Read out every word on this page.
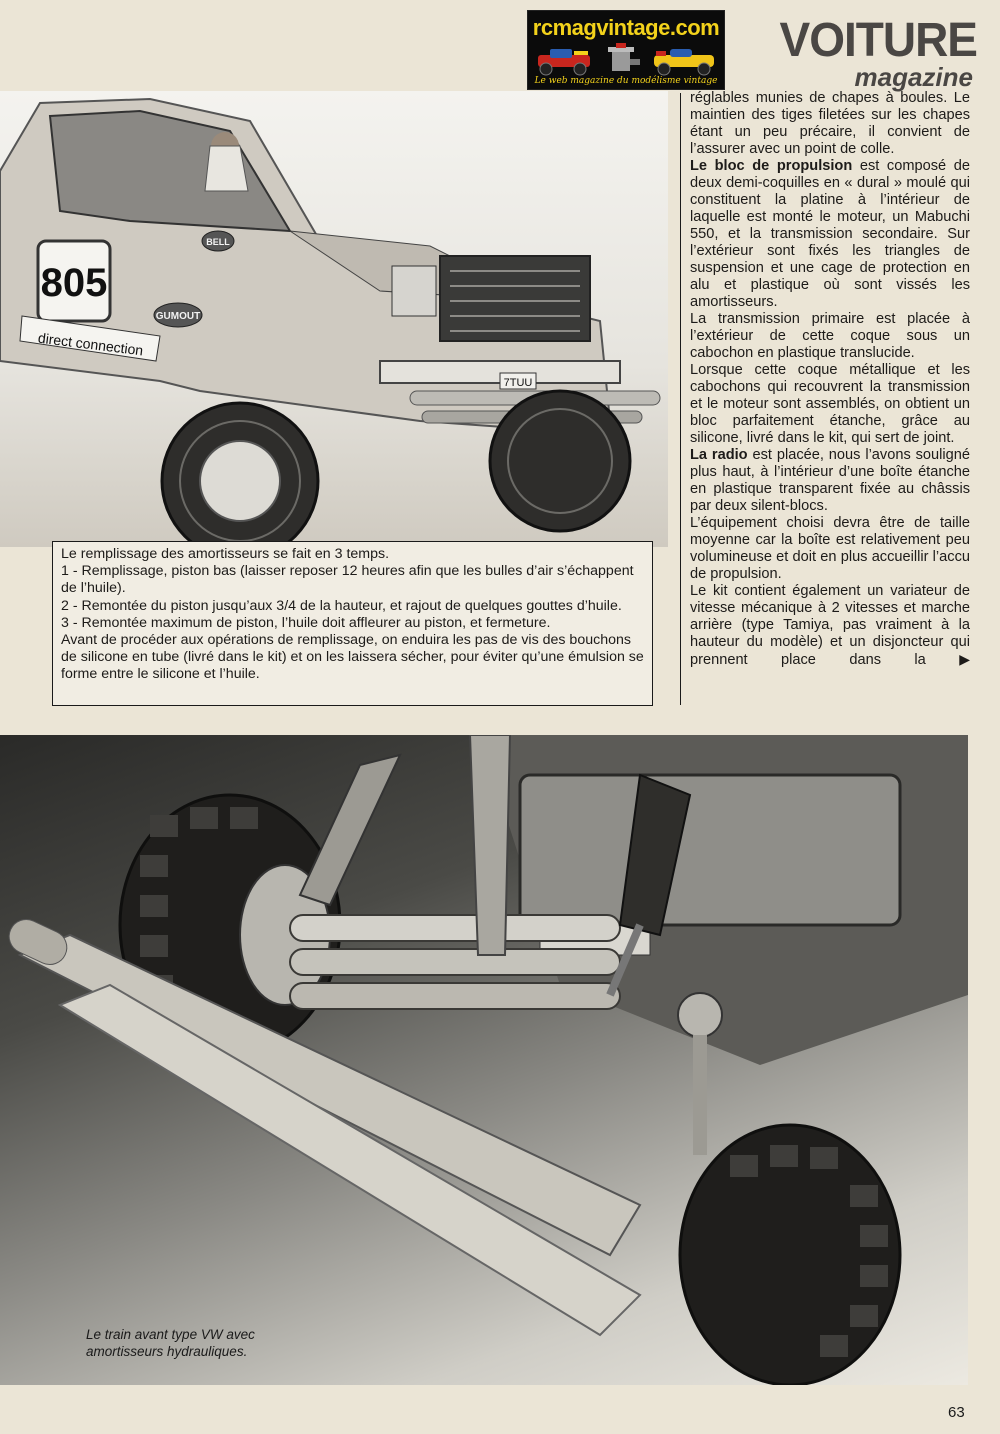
rcmagvintage.com
Le web magazine du modélisme vintage
VOITURE
magazine
805
direct connection
GUMOUT
BELL
7TUU

réglables munies de chapes à boules. Le maintien des tiges filetées sur les chapes étant un peu précaire, il convient de l’assurer avec un point de colle.

Le bloc de propulsion est composé de deux demi-coquilles en « dural » moulé qui constituent la platine à l’intérieur de laquelle est monté le moteur, un Mabuchi 550, et la transmission secondaire. Sur l’extérieur sont fixés les triangles de suspension et une cage de protection en alu et plastique où sont vissés les amortisseurs.

La transmission primaire est placée à l’extérieur de cette coque sous un cabochon en plastique translucide.

Lorsque cette coque métallique et les cabochons qui recouvrent la transmission et le moteur sont assemblés, on obtient un bloc parfaitement étanche, grâce au silicone, livré dans le kit, qui sert de joint.

La radio est placée, nous l’avons souligné plus haut, à l’intérieur d’une boîte étanche en plastique transparent fixée au châssis par deux silent-blocs.

L’équipement choisi devra être de taille moyenne car la boîte est relativement peu volumineuse et doit en plus accueillir l’accu de propulsion.

Le kit contient également un variateur de vitesse mécanique à 2 vitesses et marche arrière (type Tamiya, pas vraiment à la hauteur du modèle) et un disjoncteur qui prennent place dans la ▶

Le remplissage des amortisseurs se fait en 3 temps.

1 - Remplissage, piston bas (laisser reposer 12 heures afin que les bulles d’air s’échappent de l’huile).

2 - Remontée du piston jusqu’aux 3/4 de la hauteur, et rajout de quelques gouttes d’huile.

3 - Remontée maximum de piston, l’huile doit affleurer au piston, et fermeture.

Avant de procéder aux opérations de remplissage, on enduira les pas de vis des bouchons de silicone en tube (livré dans le kit) et on les laissera sécher, pour éviter qu’une émulsion se forme entre le silicone et l’huile.

Le train avant type VW avec amortisseurs hydrauliques.
63
